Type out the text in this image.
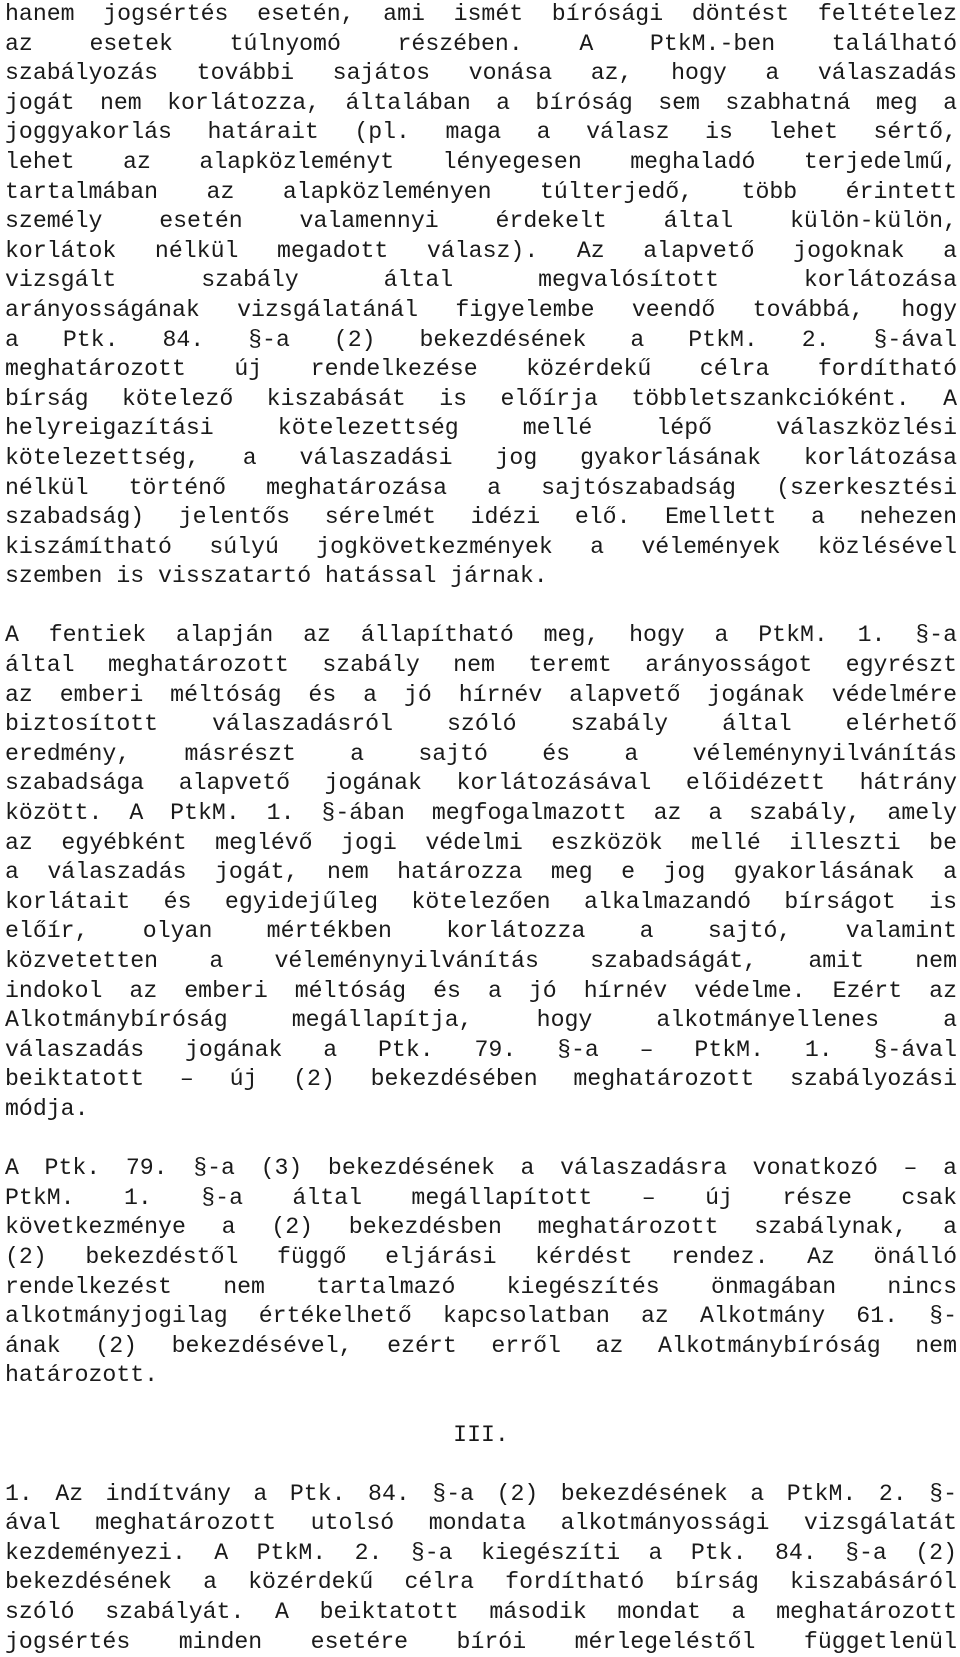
hanem jogsértés esetén, ami ismét bírósági döntést feltételez
az esetek túlnyomó részében. A PtkM.-ben található
szabályozás további sajátos vonása az, hogy a válaszadás
jogát nem korlátozza, általában a bíróság sem szabhatná meg a
joggyakorlás határait (pl. maga a válasz is lehet sértő,
lehet az alapközleményt lényegesen meghaladó terjedelmű,
tartalmában az alapközleményen túlterjedő, több érintett
személy esetén valamennyi érdekelt által külön-külön,
korlátok nélkül megadott válasz). Az alapvető jogoknak a
vizsgált szabály által megvalósított korlátozása
arányosságának vizsgálatánál figyelembe veendő továbbá, hogy
a Ptk. 84. §-a (2) bekezdésének a PtkM. 2. §-ával
meghatározott új rendelkezése közérdekű célra fordítható
bírság kötelező kiszabását is előírja többletszankcióként. A
helyreigazítási kötelezettség mellé lépő válaszközlési
kötelezettség, a válaszadási jog gyakorlásának korlátozása
nélkül történő meghatározása a sajtószabadság (szerkesztési
szabadság) jelentős sérelmét idézi elő. Emellett a nehezen
kiszámítható súlyú jogkövetkezmények a vélemények közlésével
szemben is visszatartó hatással járnak.
A fentiek alapján az állapítható meg, hogy a PtkM. 1. §-a
által meghatározott szabály nem teremt arányosságot egyrészt
az emberi méltóság és a jó hírnév alapvető jogának védelmére
biztosított válaszadásról szóló szabály által elérhető
eredmény, másrészt a sajtó és a véleménynyilvánítás
szabadsága alapvető jogának korlátozásával előidézett hátrány
között. A PtkM. 1. §-ában megfogalmazott az a szabály, amely
az egyébként meglévő jogi védelmi eszközök mellé illeszti be
a válaszadás jogát, nem határozza meg e jog gyakorlásának a
korlátait és egyidejűleg kötelezően alkalmazandó bírságot is
előír, olyan mértékben korlátozza a sajtó, valamint
közvetetten a véleménynyilvánítás szabadságát, amit nem
indokol az emberi méltóság és a jó hírnév védelme. Ezért az
Alkotmánybíróság megállapítja, hogy alkotmányellenes a
válaszadás jogának a Ptk. 79. §-a – PtkM. 1. §-ával
beiktatott – új (2) bekezdésében meghatározott szabályozási
módja.
A Ptk. 79. §-a (3) bekezdésének a válaszadásra vonatkozó – a
PtkM. 1. §-a által megállapított – új része csak
következménye a (2) bekezdésben meghatározott szabálynak, a
(2) bekezdéstől függő eljárási kérdést rendez. Az önálló
rendelkezést nem tartalmazó kiegészítés önmagában nincs
alkotmányjogilag értékelhető kapcsolatban az Alkotmány 61. §-
ának (2) bekezdésével, ezért erről az Alkotmánybíróság nem
határozott.
III.
1. Az indítvány a Ptk. 84. §-a (2) bekezdésének a PtkM. 2. §-
ával meghatározott utolsó mondata alkotmányossági vizsgálatát
kezdeményezi. A PtkM. 2. §-a kiegészíti a Ptk. 84. §-a (2)
bekezdésének a közérdekű célra fordítható bírság kiszabásáról
szóló szabályát. A beiktatott második mondat a meghatározott
jogsértés minden esetére bírói mérlegeléstől függetlenül
